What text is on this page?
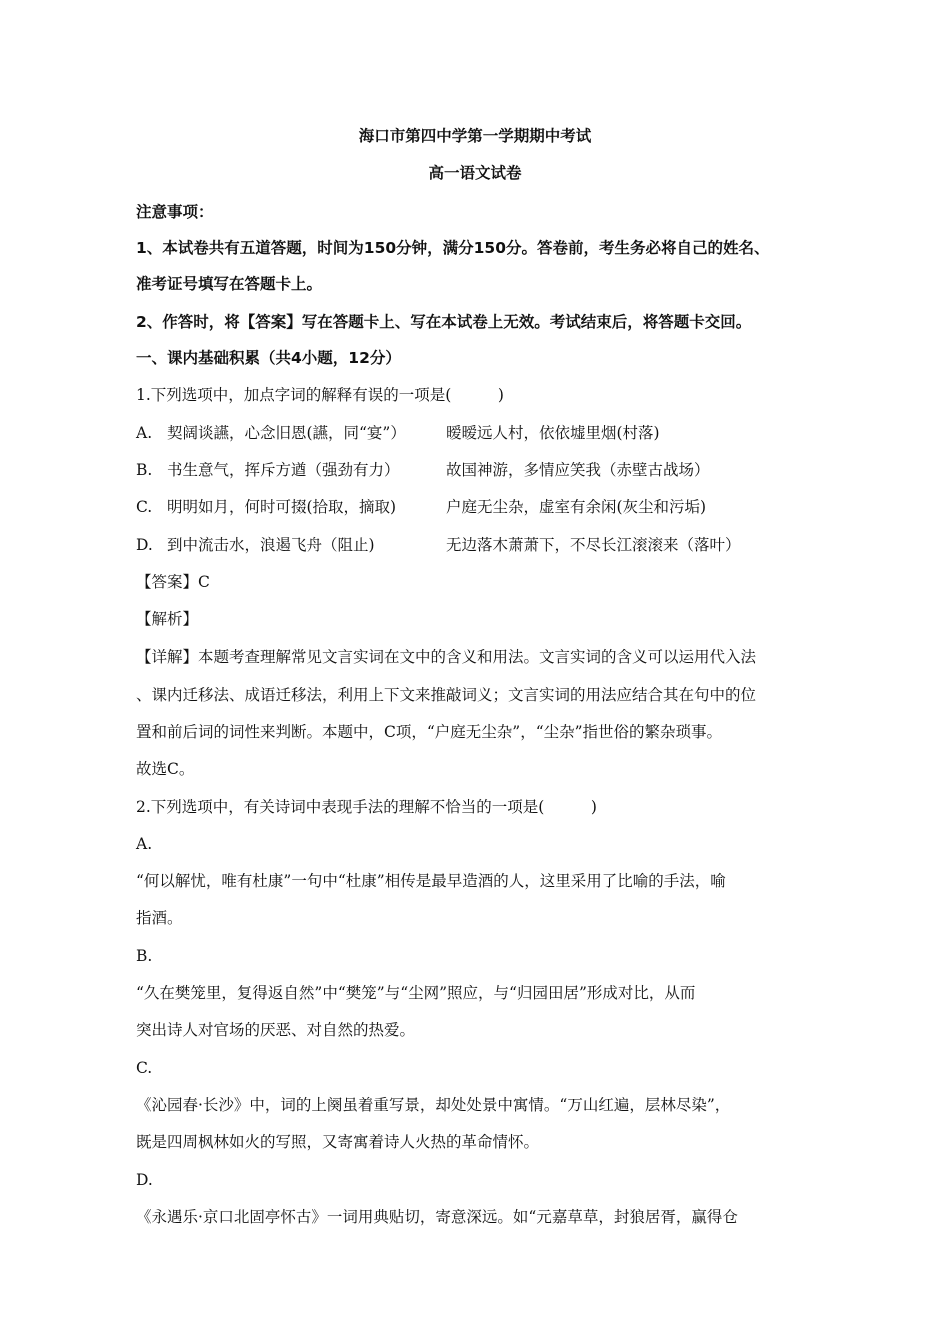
海口市第四中学第一学期期中考试
高一语文试卷
注意事项：
1、本试卷共有五道答题，时间为150分钟，满分150分。答卷前，考生务必将自己的姓名、
准考证号填写在答题卡上。
2、作答时，将【答案】写在答题卡上、写在本试卷上无效。考试结束后，将答题卡交回。
一、课内基础积累（共4小题，12分）
1.下列选项中，加点字词的解释有误的一项是(　　　)
A. 契阔谈讌，心念旧恩(讌，同“宴”）	暧暧远人村，依依墟里烟(村落)
B. 书生意气，挥斥方遒（强劲有力）	故国神游，多情应笑我（赤壁古战场）
C. 明明如月，何时可掇(拾取，摘取)	户庭无尘杂，虚室有余闲(灰尘和污垢)
D. 到中流击水，浪遏飞舟（阻止)	无边落木萧萧下，不尽长江滚滚来（落叶）
【答案】C
【解析】
【详解】本题考查理解常见文言实词在文中的含义和用法。文言实词的含义可以运用代入法
、课内迁移法、成语迁移法，利用上下文来推敲词义；文言实词的用法应结合其在句中的位
置和前后词的词性来判断。本题中，C项，“户庭无尘杂”，“尘杂”指世俗的繁杂琐事。
故选C。
2.下列选项中，有关诗词中表现手法的理解不恰当的一项是(　　　)
A.
“何以解忧，唯有杜康”一句中“杜康”相传是最早造酒的人，这里采用了比喻的手法，喻
指酒。
B.
“久在樊笼里，复得返自然”中“樊笼”与“尘网”照应，与“归园田居”形成对比，从而
突出诗人对官场的厌恶、对自然的热爱。
C.
《沁园春·长沙》中，词的上阕虽着重写景，却处处景中寓情。“万山红遍，层林尽染”，
既是四周枫林如火的写照，又寄寓着诗人火热的革命情怀。
D.
《永遇乐·京口北固亭怀古》一词用典贴切，寄意深远。如“元嘉草草，封狼居胥，赢得仓
